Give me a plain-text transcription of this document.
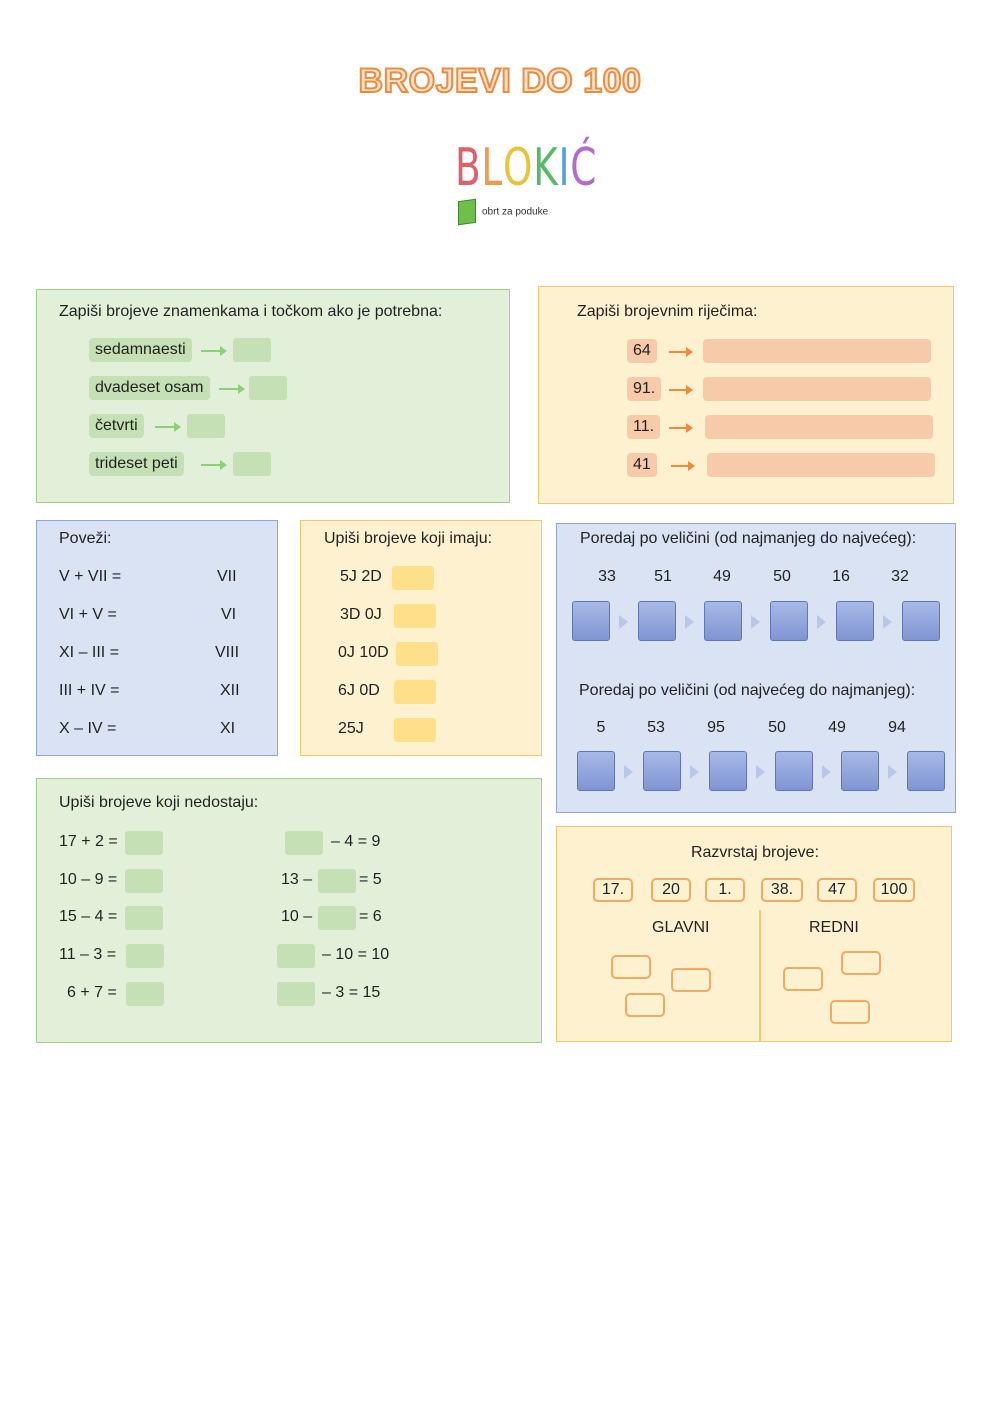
BROJEVI DO 100
BLOKIĆ
obrt za poduke
Zapiši brojeve znamenkama i točkom ako je potrebna:
sedamnaesti
dvadeset osam
četvrti
trideset peti
Zapiši brojevnim riječima:
64
91.
11.
41
Poveži:
V + VII =	VII
VI + V =	VI
XI – III =	VIII
III + IV =	XII
X – IV =	XI
Upiši brojeve koji imaju:
5J 2D
3D 0J
0J 10D
6J 0D
25J
Poredaj po veličini (od najmanjeg do najvećeg):
33	51	49	50	16	32
Poredaj po veličini (od najvećeg do najmanjeg):
5	53	95	50	49	94
Upiši brojeve koji nedostaju:
17 + 2 =
10 – 9 =
15 – 4 =
11 – 3 =
6 + 7 =
– 4 = 9
13 –	= 5
10 –	= 6
– 10 = 10
– 3 = 15
Razvrstaj brojeve:
17.	20	1.	38.	47	100
GLAVNI	REDNI
